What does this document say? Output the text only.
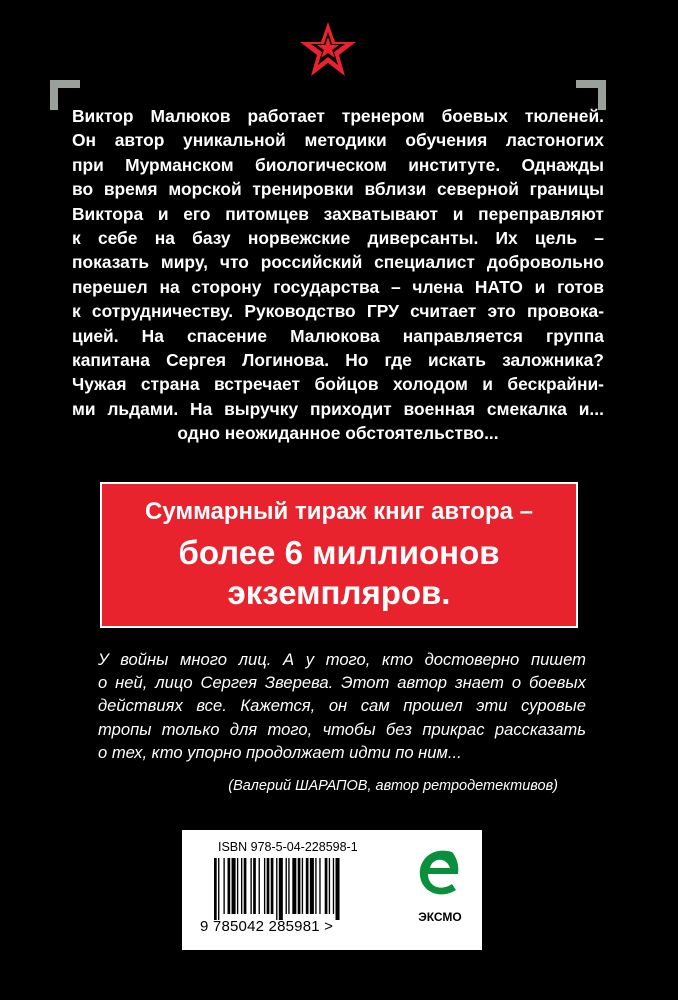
Виктор Малюков работает тренером боевых тюленей.
Он автор уникальной методики обучения ластоногих
при Мурманском биологическом институте. Однажды
во время морской тренировки вблизи северной границы
Виктора и его питомцев захватывают и переправляют
к себе на базу норвежские диверсанты. Их цель –
показать миру, что российский специалист добровольно
перешел на сторону государства – члена НАТО и готов
к сотрудничеству. Руководство ГРУ считает это провока-
цией. На спасение Малюкова направляется группа
капитана Сергея Логинова. Но где искать заложника?
Чужая страна встречает бойцов холодом и бескрайни-
ми льдами. На выручку приходит военная смекалка и...
одно неожиданное обстоятельство...
Суммарный тираж книг автора –
более 6 миллионов
экземпляров.
У войны много лиц. А у того, кто достоверно пишет
о ней, лицо Сергея Зверева. Этот автор знает о боевых
действиях все. Кажется, он сам прошел эти суровые
тропы только для того, чтобы без прикрас рассказать
о тех, кто упорно продолжает идти по ним...
(Валерий ШАРАПОВ, автор ретродетективов)
ISBN 978-5-04-228598-1
9 785042 285981 >
ЭКСМО
